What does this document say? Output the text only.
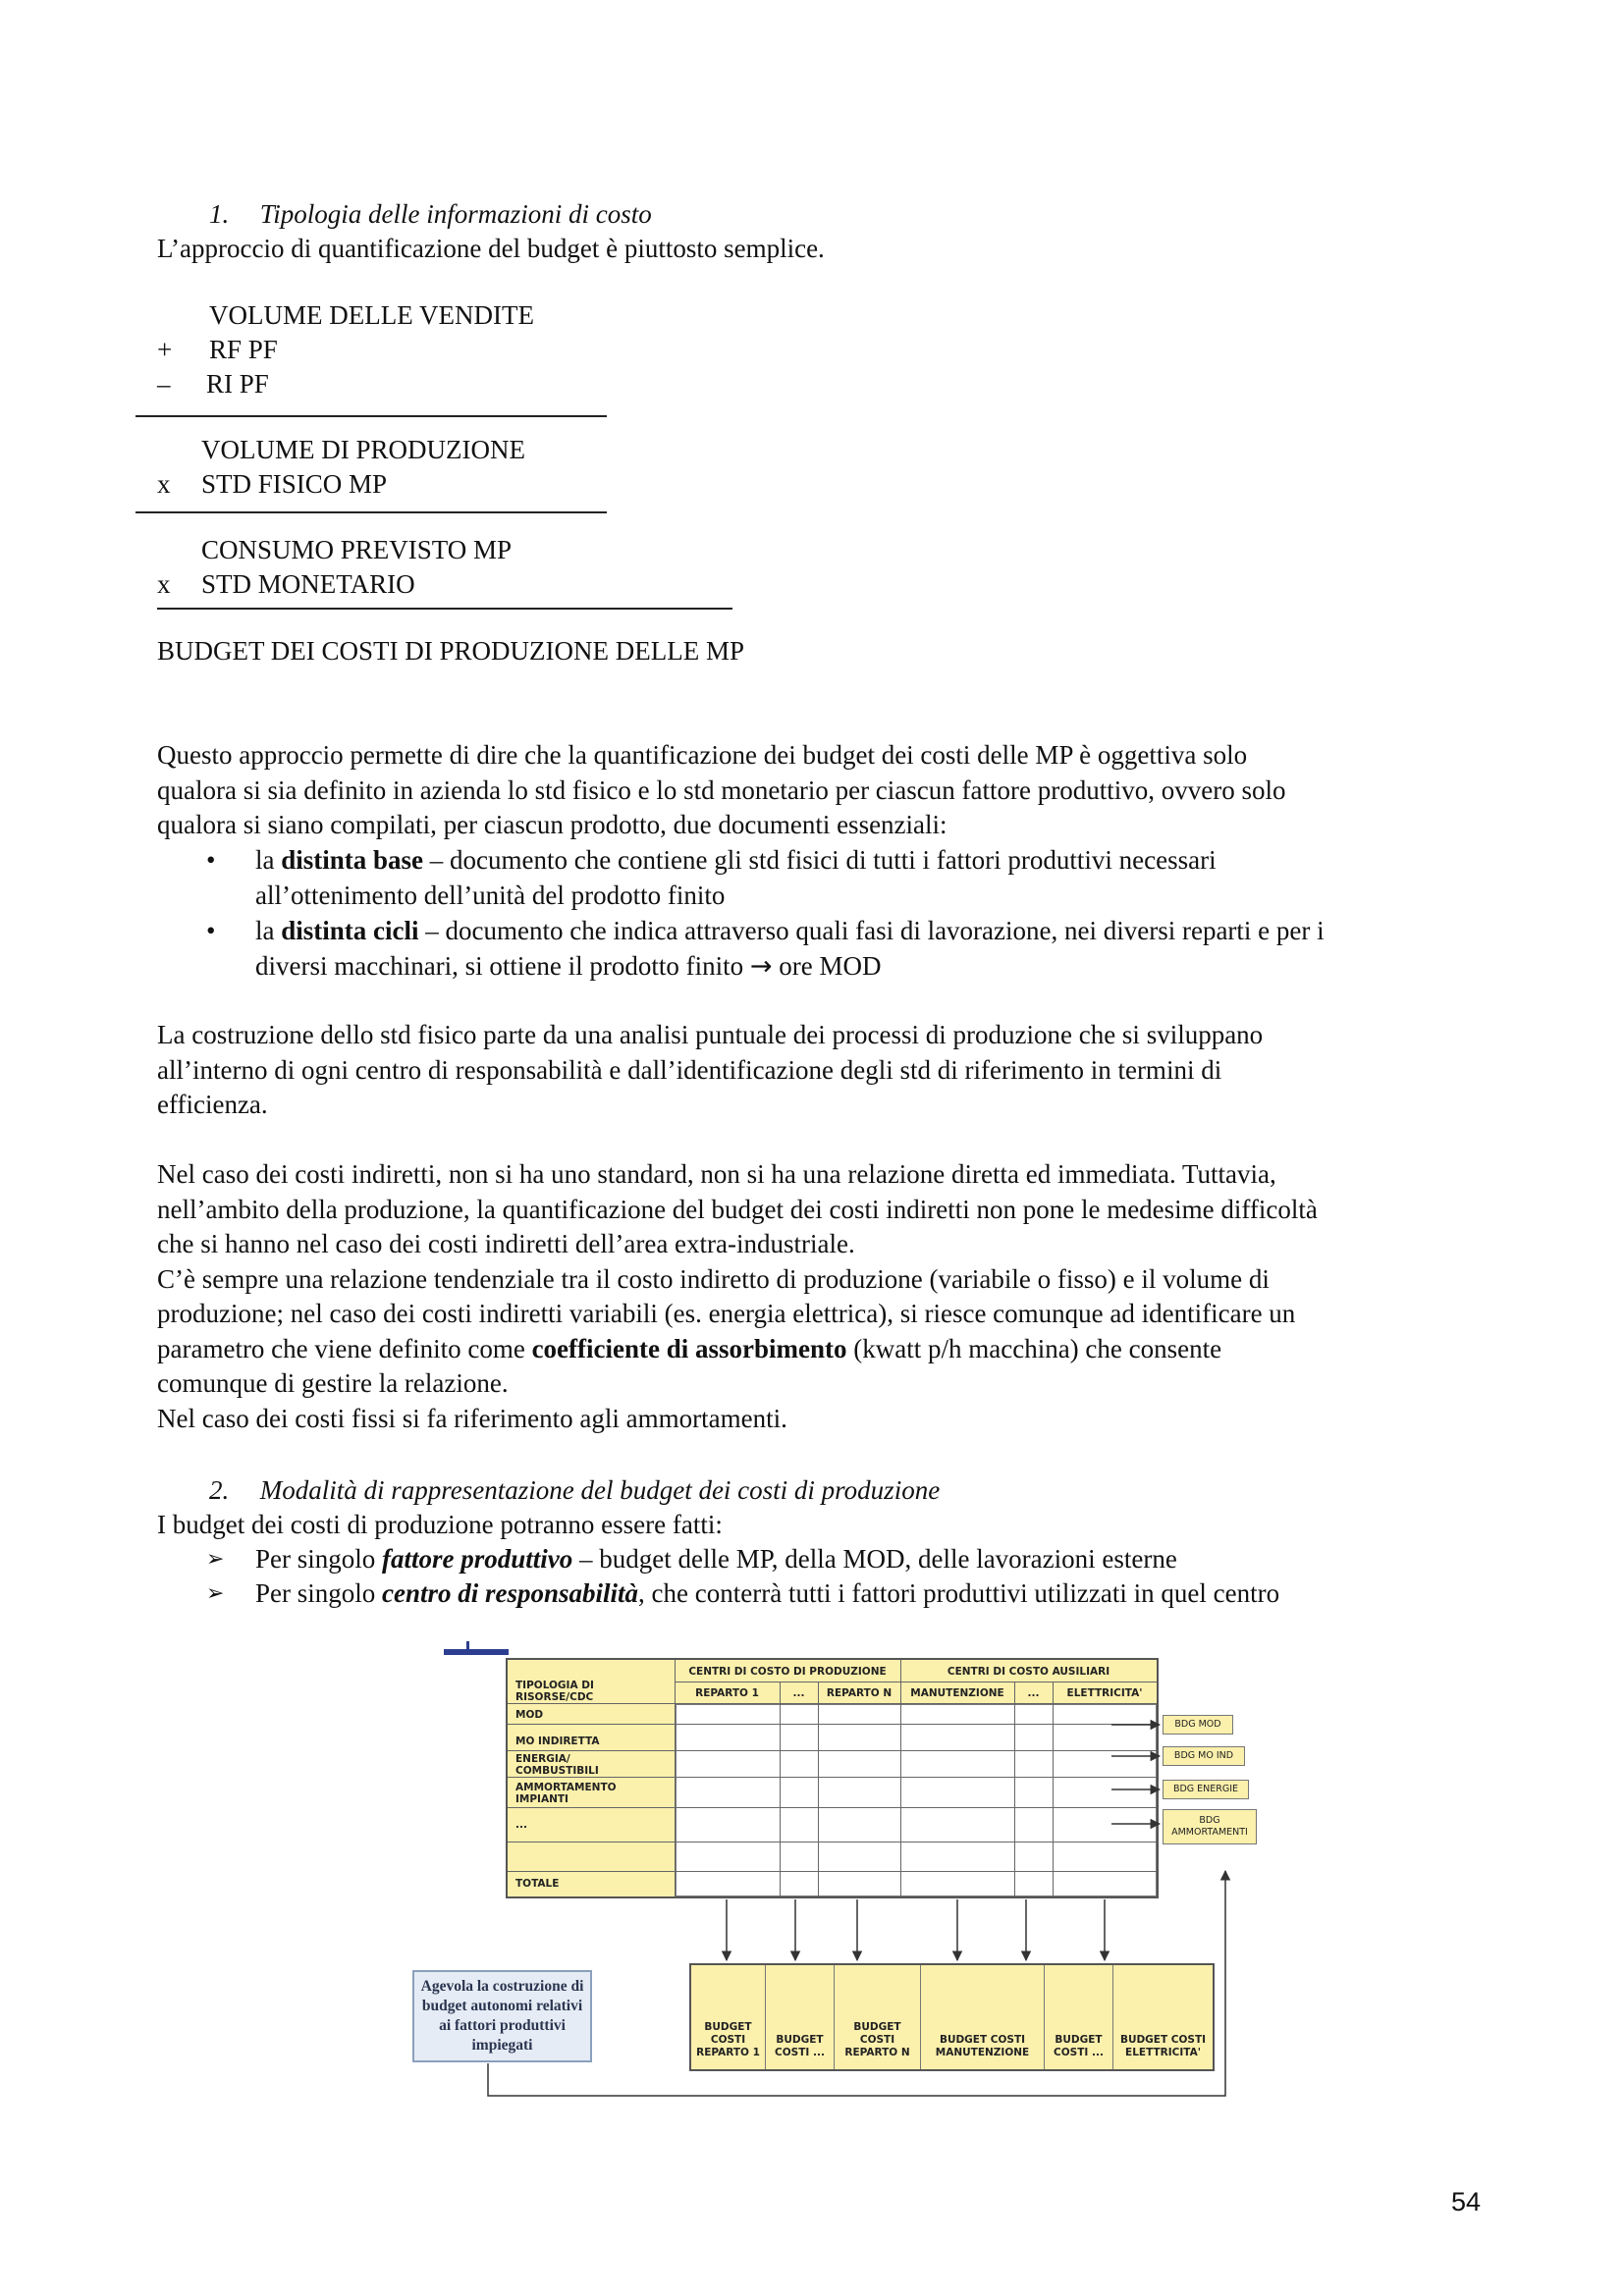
1. Tipologia delle informazioni di costo
L’approccio di quantificazione del budget è piuttosto semplice.
VOLUME DELLE VENDITE
+ RF PF
– RI PF
VOLUME DI PRODUZIONE
x STD FISICO MP
CONSUMO PREVISTO MP
x STD MONETARIO
BUDGET DEI COSTI DI PRODUZIONE DELLE MP

Questo approccio permette di dire che la quantificazione dei budget dei costi delle MP è oggettiva solo

qualora si sia definito in azienda lo std fisico e lo std monetario per ciascun fattore produttivo, ovvero solo

qualora si siano compilati, per ciascun prodotto, due documenti essenziali:

• la distinta base – documento che contiene gli std fisici di tutti i fattori produttivi necessari
all’ottenimento dell’unità del prodotto finito
• la distinta cicli – documento che indica attraverso quali fasi di lavorazione, nei diversi reparti e per i
diversi macchinari, si ottiene il prodotto finito → ore MOD

La costruzione dello std fisico parte da una analisi puntuale dei processi di produzione che si sviluppano

all’interno di ogni centro di responsabilità e dall’identificazione degli std di riferimento in termini di

efficienza.

Nel caso dei costi indiretti, non si ha uno standard, non si ha una relazione diretta ed immediata. Tuttavia,

nell’ambito della produzione, la quantificazione del budget dei costi indiretti non pone le medesime difficoltà

che si hanno nel caso dei costi indiretti dell’area extra-industriale.

C’è sempre una relazione tendenziale tra il costo indiretto di produzione (variabile o fisso) e il volume di

produzione; nel caso dei costi indiretti variabili (es. energia elettrica), si riesce comunque ad identificare un

parametro che viene definito come coefficiente di assorbimento (kwatt p/h macchina) che consente

comunque di gestire la relazione.

Nel caso dei costi fissi si fa riferimento agli ammortamenti.

2. Modalità di rappresentazione del budget dei costi di produzione
I budget dei costi di produzione potranno essere fatti:
➢ Per singolo fattore produttivo – budget delle MP, della MOD, delle lavorazioni esterne
➢ Per singolo centro di responsabilità, che conterrà tutti i fattori produttivi utilizzati in quel centro
TIPOLOGIA DI RISORSE/CDC
CENTRI DI COSTO DI PRODUZIONE	CENTRI DI COSTO AUSILIARI
REPARTO 1	...	REPARTO N	MANUTENZIONE	...	ELETTRICITA'
MOD
MO INDIRETTA
ENERGIA/ COMBUSTIBILI
AMMORTAMENTO IMPIANTI
...
TOTALE
BDG MOD
BDG MO IND
BDG ENERGIE
BDG AMMORTAMENTI
BUDGET COSTI REPARTO 1
BUDGET COSTI ...
BUDGET COSTI REPARTO N
BUDGET COSTI MANUTENZIONE
BUDGET COSTI ...
BUDGET COSTI ELETTRICITA'
Agevola la costruzione di budget autonomi relativi ai fattori produttivi impiegati
54
